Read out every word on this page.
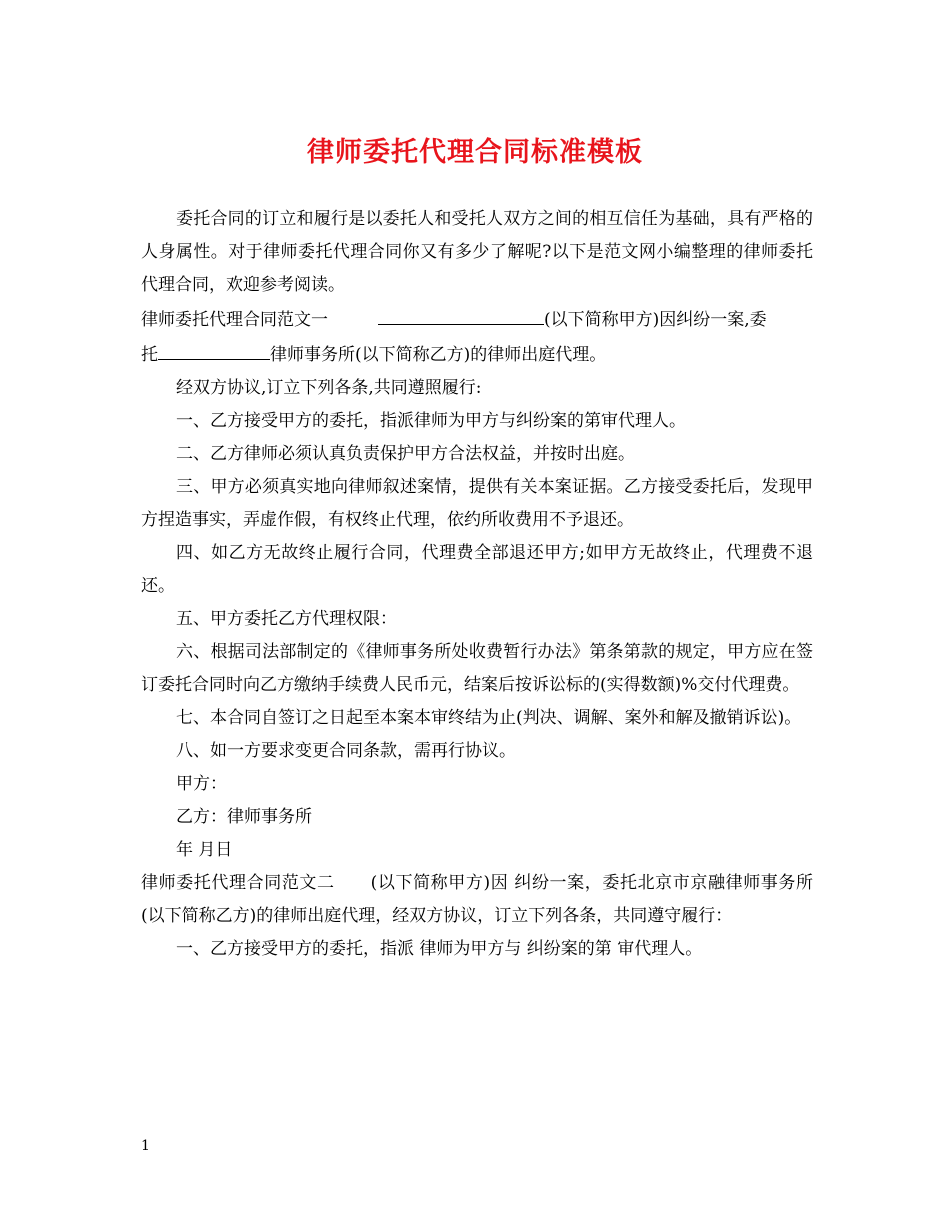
律师委托代理合同标准模板

委托合同的订立和履行是以委托人和受托人双方之间的相互信任为基础，具有严格的人身属性。对于律师委托代理合同你又有多少了解呢?以下是范文网小编整理的律师委托代理合同，欢迎参考阅读。

律师委托代理合同范文一	(以下简称甲方)因纠纷一案,委

托	律师事务所(以下简称乙方)的律师出庭代理。

经双方协议,订立下列各条,共同遵照履行:

一、乙方接受甲方的委托，指派律师为甲方与纠纷案的第审代理人。

二、乙方律师必须认真负责保护甲方合法权益，并按时出庭。

三、甲方必须真实地向律师叙述案情，提供有关本案证据。乙方接受委托后，发现甲方捏造事实，弄虚作假，有权终止代理，依约所收费用不予退还。

四、如乙方无故终止履行合同，代理费全部退还甲方;如甲方无故终止，代理费不退还。

五、甲方委托乙方代理权限：

六、根据司法部制定的《律师事务所处收费暂行办法》第条第款的规定，甲方应在签订委托合同时向乙方缴纳手续费人民币元，结案后按诉讼标的(实得数额)%交付代理费。

七、本合同自签订之日起至本案本审终结为止(判决、调解、案外和解及撤销诉讼)。

八、如一方要求变更合同条款，需再行协议。

甲方：

乙方：律师事务所

年 月日

律师委托代理合同范文二 (以下简称甲方)因 纠纷一案，委托北京市京融律师事务所(以下简称乙方)的律师出庭代理，经双方协议，订立下列各条，共同遵守履行：

一、乙方接受甲方的委托，指派 律师为甲方与 纠纷案的第 审代理人。

1
